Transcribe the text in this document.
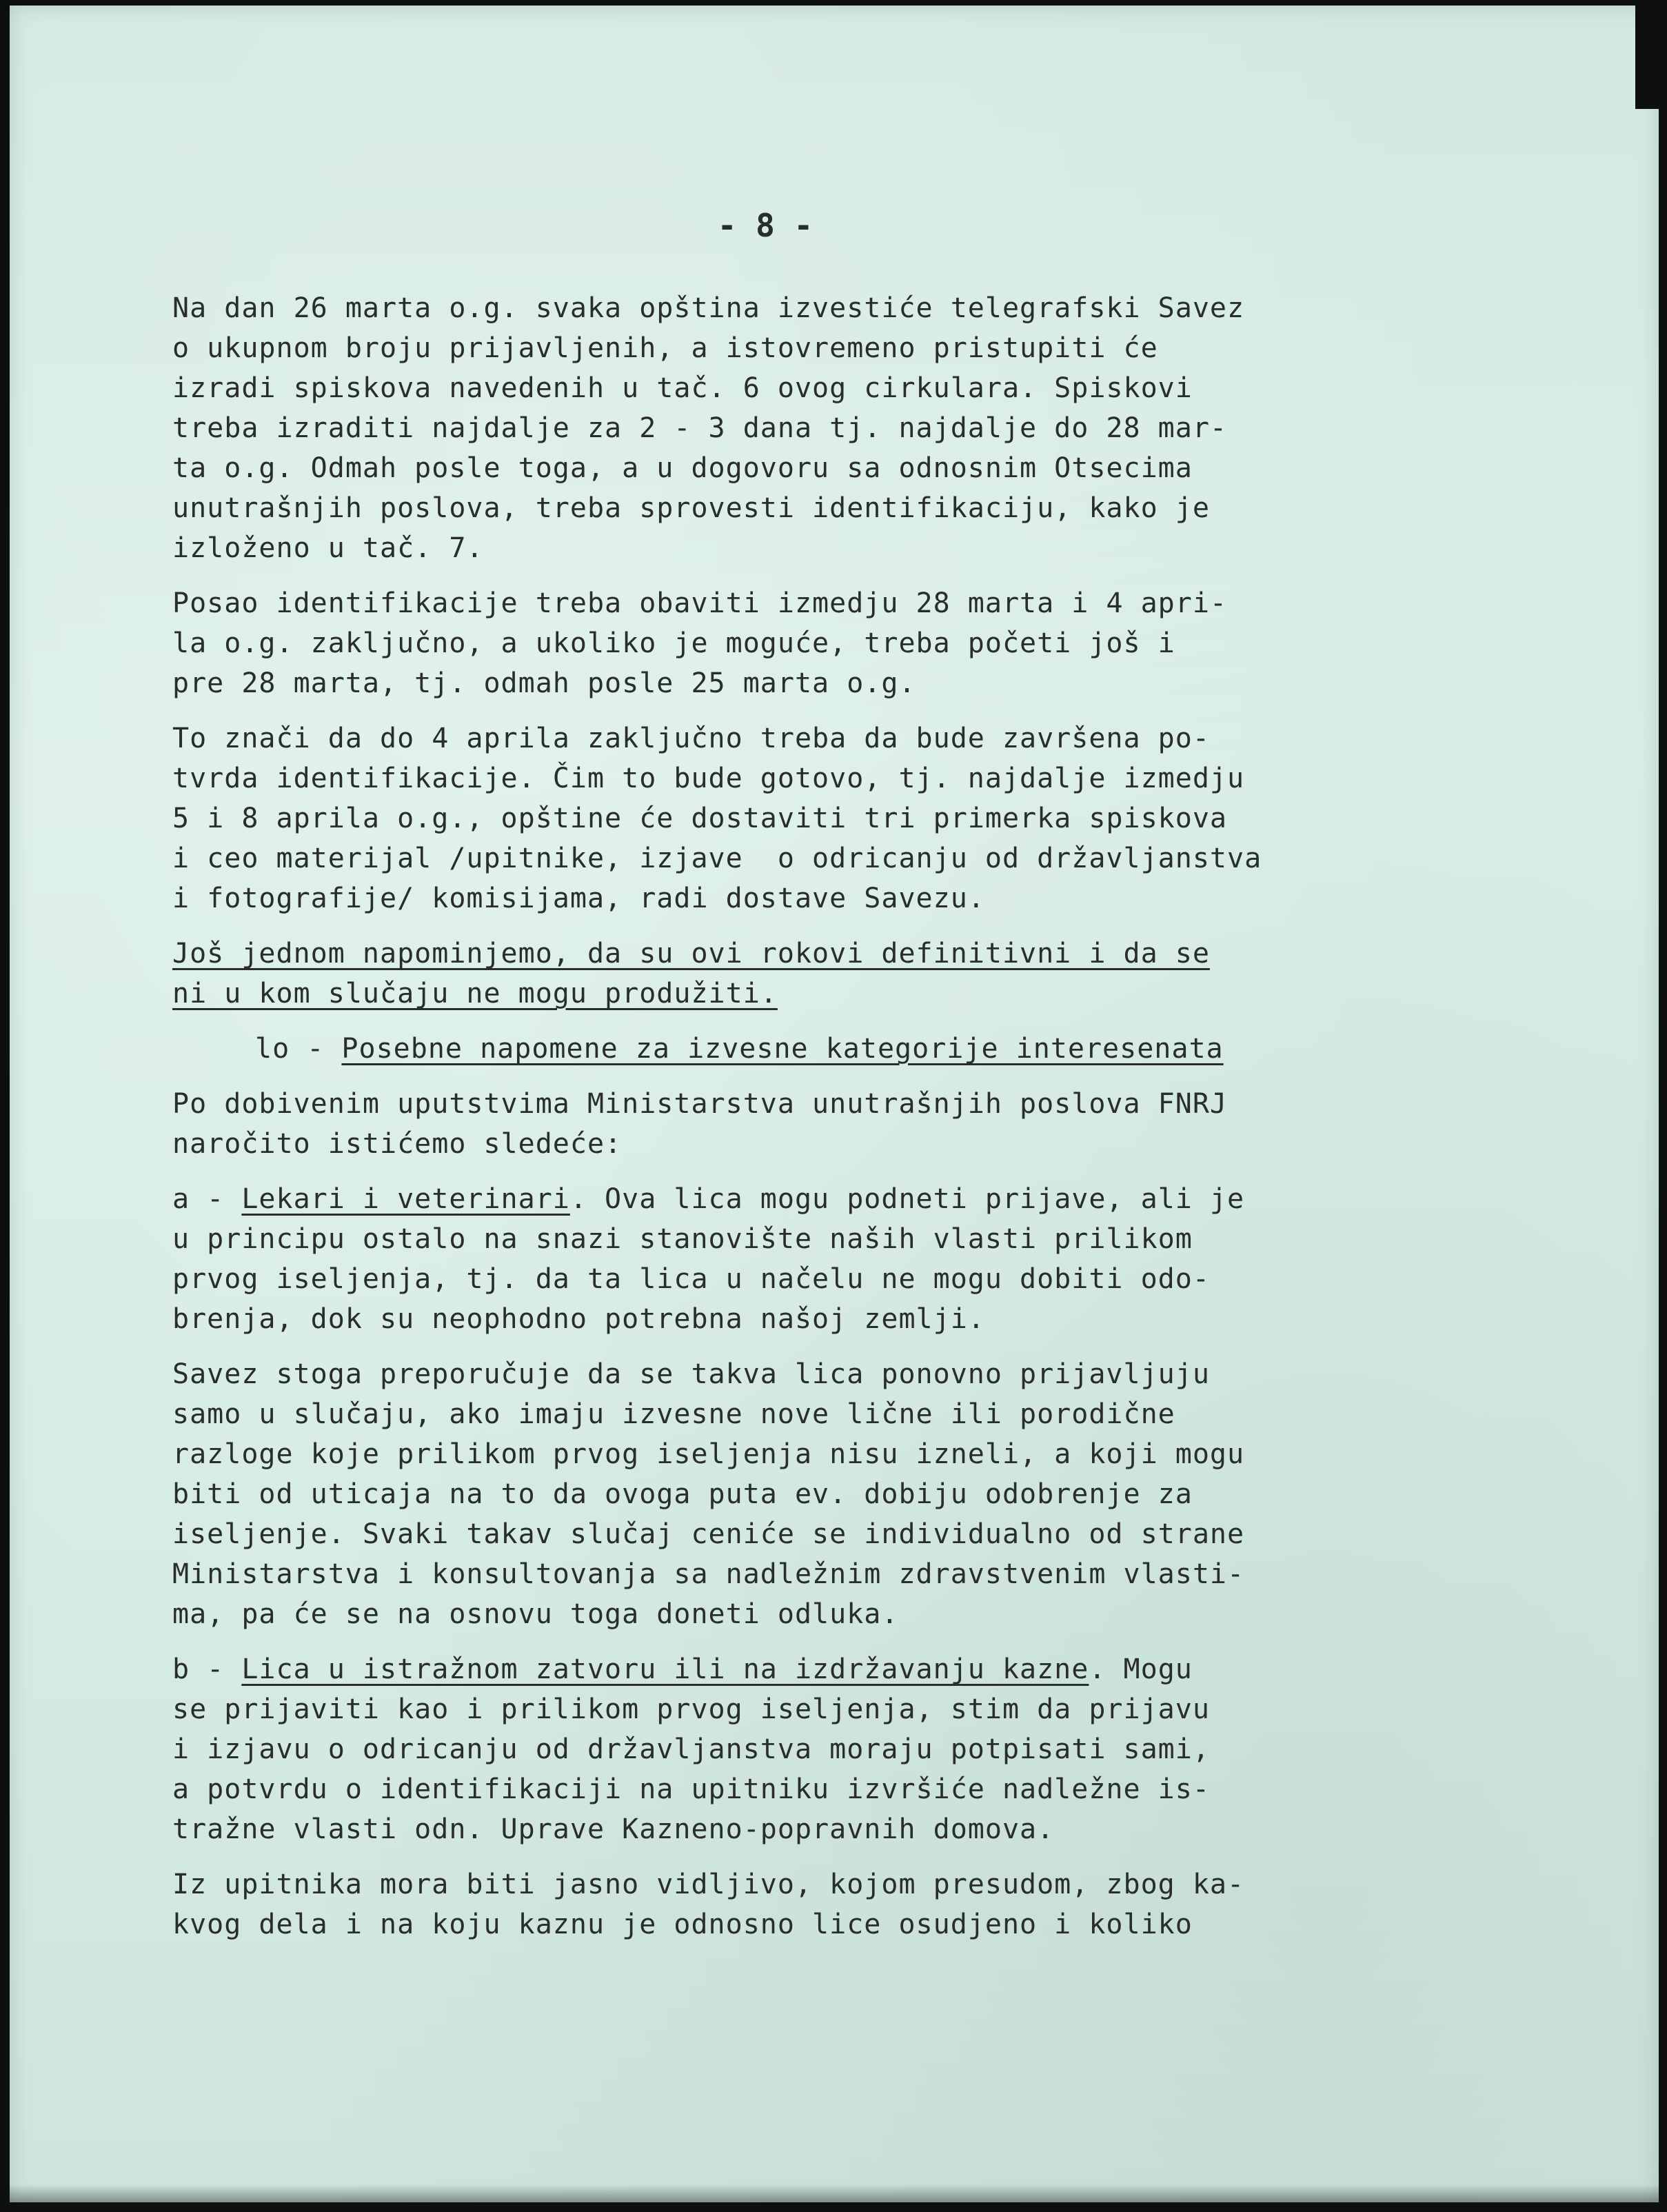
- 8 -
Na dan 26 marta o.g. svaka opština izvestiće telegrafski Savez
o ukupnom broju prijavljenih, a istovremeno pristupiti će
izradi spiskova navedenih u tač. 6 ovog cirkulara. Spiskovi
treba izraditi najdalje za 2 - 3 dana tj. najdalje do 28 mar-
ta o.g. Odmah posle toga, a u dogovoru sa odnosnim Otsecima
unutrašnjih poslova, treba sprovesti identifikaciju, kako je
izloženo u tač. 7.
Posao identifikacije treba obaviti izmedju 28 marta i 4 apri-
la o.g. zaključno, a ukoliko je moguće, treba početi još i
pre 28 marta, tj. odmah posle 25 marta o.g.
To znači da do 4 aprila zaključno treba da bude završena po-
tvrda identifikacije. Čim to bude gotovo, tj. najdalje izmedju
5 i 8 aprila o.g., opštine će dostaviti tri primerka spiskova
i ceo materijal /upitnike, izjave  o odricanju od državljanstva
i fotografije/ komisijama, radi dostave Savezu.
Još jednom napominjemo, da su ovi rokovi definitivni i da se
ni u kom slučaju ne mogu produžiti.
lo - Posebne napomene za izvesne kategorije interesenata
Po dobivenim uputstvima Ministarstva unutrašnjih poslova FNRJ
naročito istićemo sledeće:
a - Lekari i veterinari. Ova lica mogu podneti prijave, ali je
u principu ostalo na snazi stanovište naših vlasti prilikom
prvog iseljenja, tj. da ta lica u načelu ne mogu dobiti odo-
brenja, dok su neophodno potrebna našoj zemlji.
Savez stoga preporučuje da se takva lica ponovno prijavljuju
samo u slučaju, ako imaju izvesne nove lične ili porodične
razloge koje prilikom prvog iseljenja nisu izneli, a koji mogu
biti od uticaja na to da ovoga puta ev. dobiju odobrenje za
iseljenje. Svaki takav slučaj ceniće se individualno od strane
Ministarstva i konsultovanja sa nadležnim zdravstvenim vlasti-
ma, pa će se na osnovu toga doneti odluka.
b - Lica u istražnom zatvoru ili na izdržavanju kazne. Mogu
se prijaviti kao i prilikom prvog iseljenja, stim da prijavu
i izjavu o odricanju od državljanstva moraju potpisati sami,
a potvrdu o identifikaciji na upitniku izvršiće nadležne is-
tražne vlasti odn. Uprave Kazneno-popravnih domova.
Iz upitnika mora biti jasno vidljivo, kojom presudom, zbog ka-
kvog dela i na koju kaznu je odnosno lice osudjeno i koliko
